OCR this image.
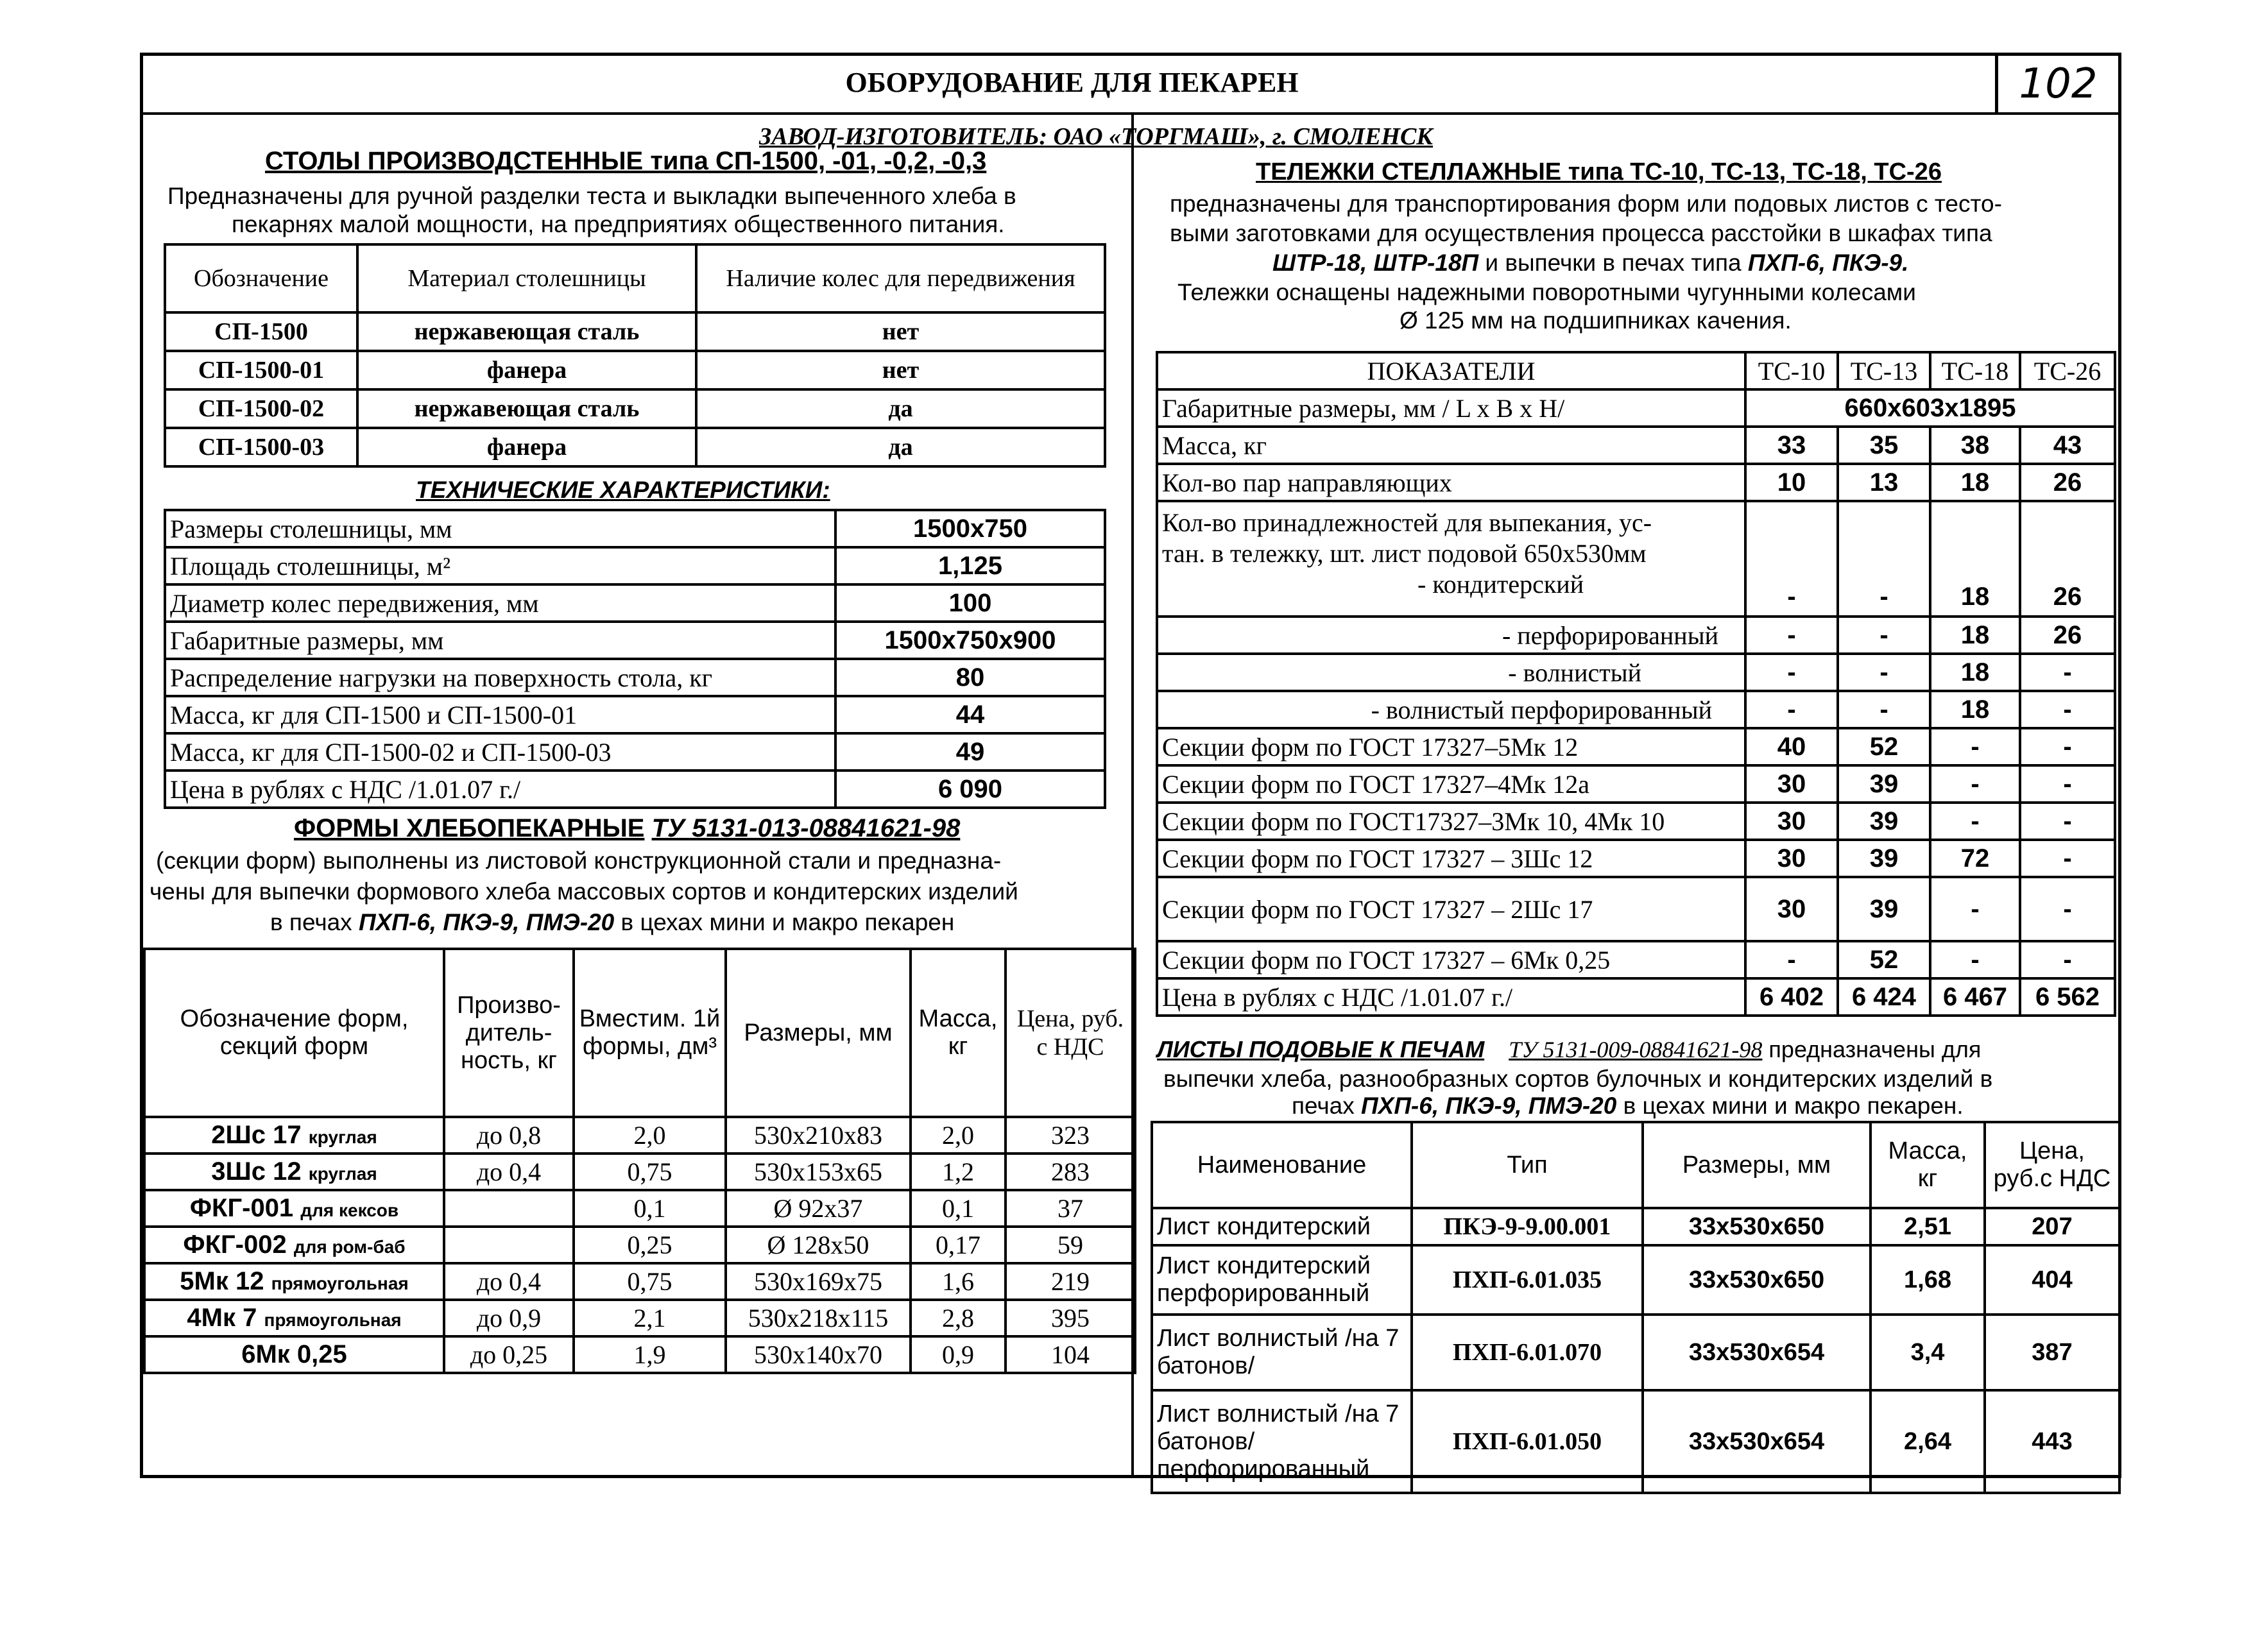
ОБОРУДОВАНИЕ ДЛЯ ПЕКАРЕН	102
ЗАВОД-ИЗГОТОВИТЕЛЬ: ОАО «ТОРГМАШ», г. СМОЛЕНСК
СТОЛЫ ПРОИЗВОДСТЕННЫЕ типа СП-1500, -01, -0,2, -0,3
Предназначены для ручной разделки теста и выкладки выпеченного хлеба в
пекарнях малой мощности, на предприятиях общественного питания.
Обозначение	Материал столешницы	Наличие колес для передвижения
СП-1500	нержавеющая сталь	нет
СП-1500-01	фанера	нет
СП-1500-02	нержавеющая сталь	да
СП-1500-03	фанера	да
ТЕХНИЧЕСКИЕ ХАРАКТЕРИСТИКИ:
Размеры столешницы, мм	1500х750
Площадь столешницы, м²	1,125
Диаметр колес передвижения, мм	100
Габаритные размеры, мм	1500х750х900
Распределение нагрузки на поверхность стола, кг	80
Масса, кг для СП-1500 и СП-1500-01	44
Масса, кг для СП-1500-02 и СП-1500-03	49
Цена в рублях с НДС /1.01.07 г./	6 090
ФОРМЫ ХЛЕБОПЕКАРНЫЕ ТУ 5131-013-08841621-98
(секции форм) выполнены из листовой конструкционной стали и предназна-
чены для выпечки формового хлеба массовых сортов и кондитерских изделий
в печах ПХП-6, ПКЭ-9, ПМЭ-20 в цехах мини и макро пекарен
Обозначение форм, секций форм	Произво-дитель-ность, кг	Вместим. 1й формы, дм³	Размеры, мм	Масса, кг	Цена, руб. с НДС
2Шс 17 круглая	до 0,8	2,0	530х210х83	2,0	323
3Шс 12 круглая	до 0,4	0,75	530х153х65	1,2	283
ФКГ-001 для кексов		0,1	Ø 92х37	0,1	37
ФКГ-002 для ром-баб		0,25	Ø 128х50	0,17	59
5Мк 12 прямоугольная	до 0,4	0,75	530х169х75	1,6	219
4Мк 7 прямоугольная	до 0,9	2,1	530х218х115	2,8	395
6Мк 0,25	до 0,25	1,9	530х140х70	0,9	104
ТЕЛЕЖКИ СТЕЛЛАЖНЫЕ типа ТС-10, ТС-13, ТС-18, ТС-26
предназначены для транспортирования форм или подовых листов с тесто-
выми заготовками для осуществления процесса расстойки в шкафах типа
ШТР-18, ШТР-18П и выпечки в печах типа ПХП-6, ПКЭ-9.
Тележки оснащены надежными поворотными чугунными колесами
Ø 125 мм на подшипниках качения.
ПОКАЗАТЕЛИ	ТС-10	ТС-13	ТС-18	ТС-26
Габаритные размеры, мм / L x B x H/	660х603х1895			
Масса, кг	33	35	38	43
Кол-во пар направляющих	10	13	18	26

Кол-во принадлежностей для выпекания, ус-
тан. в тележку, шт. лист подовой 650х530мм
- кондитерский	-	-	18	26
- перфорированный	-	-	18	26
- волнистый	-	-	18	-
- волнистый перфорированный	-	-	18	-
Секции форм по ГОСТ 17327–5Мк 12	40	52	-	-
Секции форм по ГОСТ 17327–4Мк 12а	30	39	-	-
Секции форм по ГОСТ17327–3Мк 10, 4Мк 10	30	39	-	-
Секции форм по ГОСТ 17327 – 3Шс 12	30	39	72	-
Секции форм по ГОСТ 17327 – 2Шс 17	30	39	-	-
Секции форм по ГОСТ 17327 – 6Мк 0,25	-	52	-	-
Цена в рублях с НДС /1.01.07 г./	6 402	6 424	6 467	6 562
ЛИСТЫ ПОДОВЫЕ К ПЕЧАМ ТУ 5131-009-08841621-98 предназначены для
выпечки хлеба, разнообразных сортов булочных и кондитерских изделий в
печах ПХП-6, ПКЭ-9, ПМЭ-20 в цехах мини и макро пекарен.
Наименование	Тип	Размеры, мм	Масса, кг	Цена, руб.с НДС
Лист кондитерский	ПКЭ-9-9.00.001	33х530х650	2,51	207
Лист кондитерский перфорированный	ПХП-6.01.035	33х530х650	1,68	404
Лист волнистый /на 7 батонов/	ПХП-6.01.070	33х530х654	3,4	387
Лист волнистый /на 7 батонов/ перфорированный	ПХП-6.01.050	33х530х654	2,64	443
